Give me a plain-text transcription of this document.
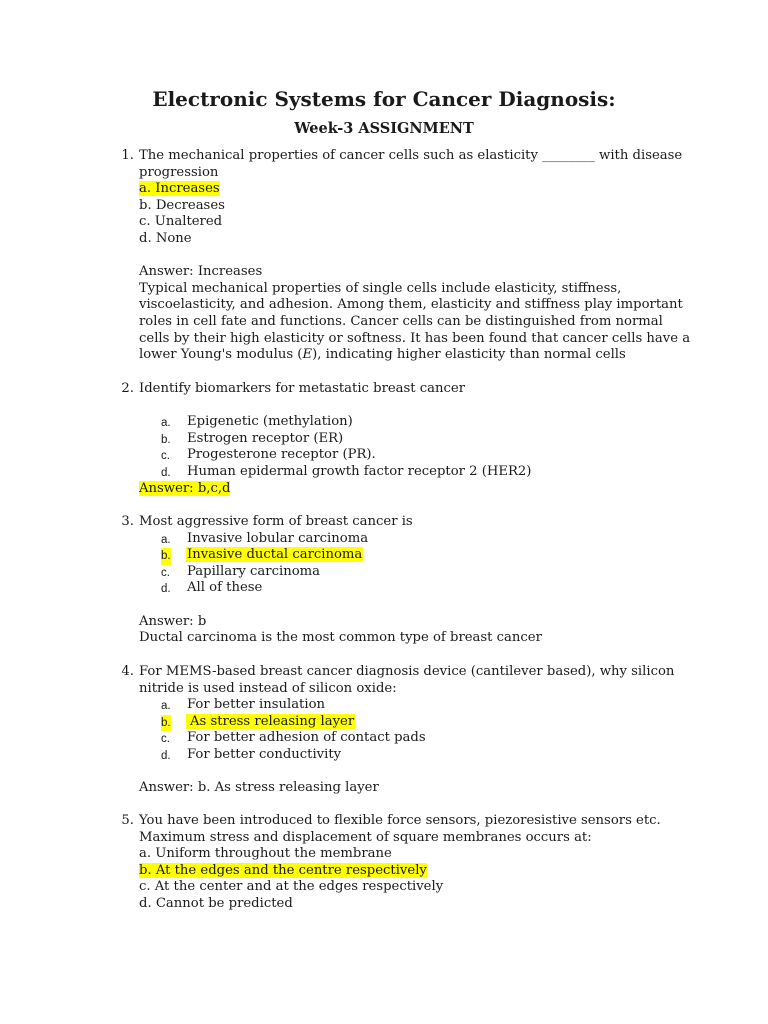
Electronic Systems for Cancer Diagnosis:
Week-3 ASSIGNMENT
1. The mechanical properties of cancer cells such as elasticity ________ with disease
progression
a. Increases
b. Decreases
c. Unaltered
d. None
Answer: Increases
Typical mechanical properties of single cells include elasticity, stiffness,
viscoelasticity, and adhesion. Among them, elasticity and stiffness play important
roles in cell fate and functions. Cancer cells can be distinguished from normal
cells by their high elasticity or softness. It has been found that cancer cells have a
lower Young's modulus (E), indicating higher elasticity than normal cells
2. Identify biomarkers for metastatic breast cancer
a. Epigenetic (methylation)
b. Estrogen receptor (ER)
c. Progesterone receptor (PR).
d. Human epidermal growth factor receptor 2 (HER2)
Answer: b,c,d
3. Most aggressive form of breast cancer is
a. Invasive lobular carcinoma
b. Invasive ductal carcinoma
c. Papillary carcinoma
d. All of these
Answer: b
Ductal carcinoma is the most common type of breast cancer
4. For MEMS-based breast cancer diagnosis device (cantilever based), why silicon
nitride is used instead of silicon oxide:
a. For better insulation
b. As stress releasing layer
c. For better adhesion of contact pads
d. For better conductivity
Answer: b. As stress releasing layer
5. You have been introduced to flexible force sensors, piezoresistive sensors etc.
Maximum stress and displacement of square membranes occurs at:
a. Uniform throughout the membrane
b. At the edges and the centre respectively
c. At the center and at the edges respectively
d. Cannot be predicted
